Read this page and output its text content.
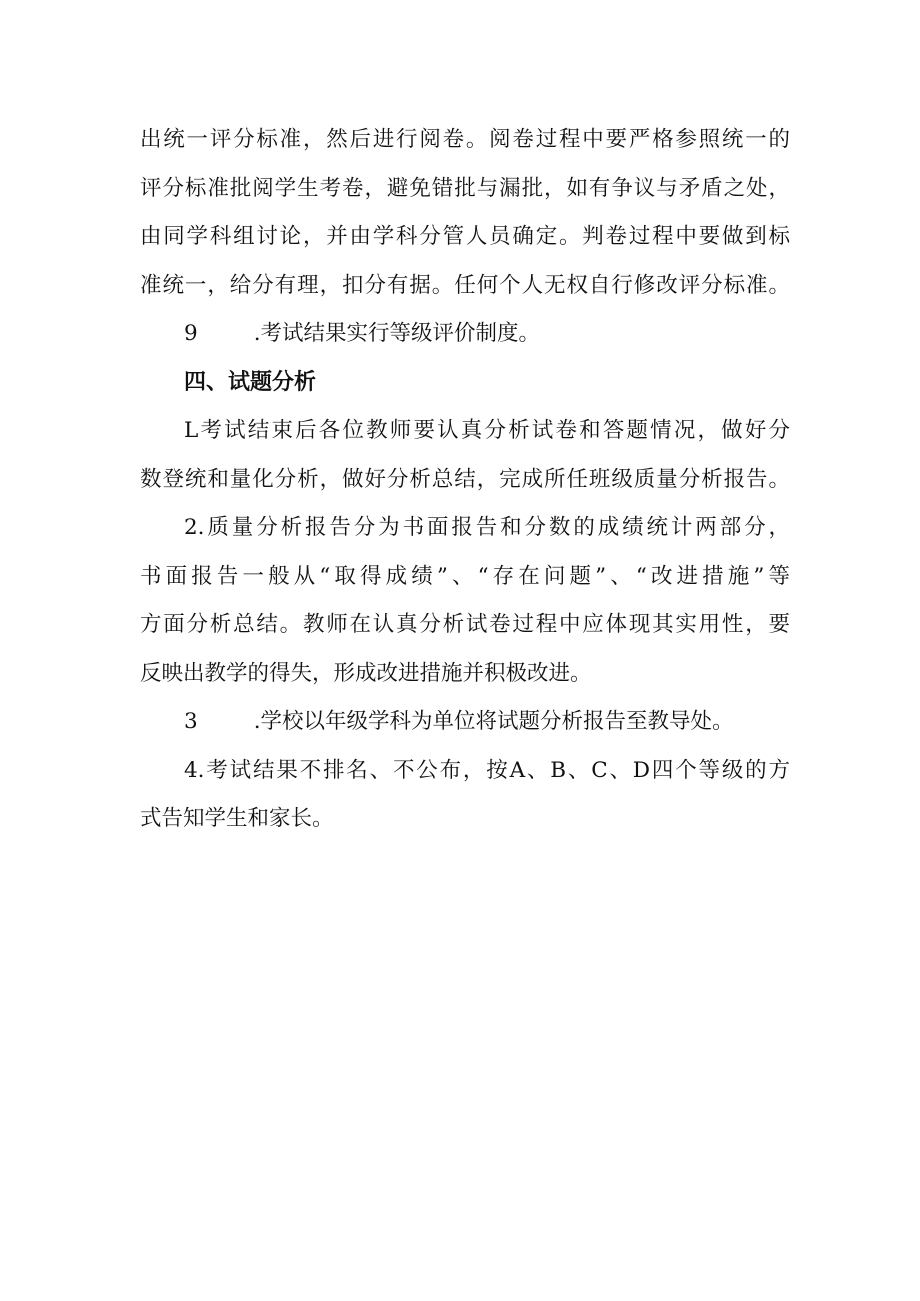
出统一评分标准，然后进行阅卷。阅卷过程中要严格参照统一的
评分标准批阅学生考卷，避免错批与漏批，如有争议与矛盾之处，
由同学科组讨论，并由学科分管人员确定。判卷过程中要做到标
准统一，给分有理，扣分有据。任何个人无权自行修改评分标准。
9	.考试结果实行等级评价制度。
四、试题分析
L考试结束后各位教师要认真分析试卷和答题情况，做好分
数登统和量化分析，做好分析总结，完成所任班级质量分析报告。
2.质量分析报告分为书面报告和分数的成绩统计两部分，
书面报告一般从“取得成绩”、“存在问题”、“改进措施”等
方面分析总结。教师在认真分析试卷过程中应体现其实用性，要
反映出教学的得失，形成改进措施并积极改进。
3	.学校以年级学科为单位将试题分析报告至教导处。
4.考试结果不排名、不公布，按A、B、C、D四个等级的方
式告知学生和家长。
